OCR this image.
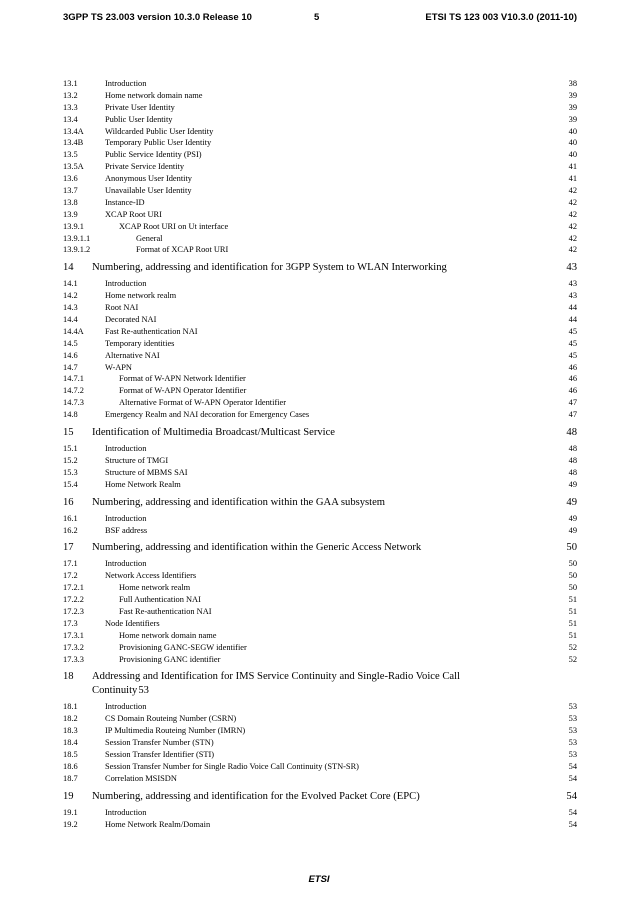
3GPP TS 23.003 version 10.3.0 Release 10	5	ETSI TS 123 003 V10.3.0 (2011-10)
13.1	Introduction	38
13.2	Home network domain name	39
13.3	Private User Identity	39
13.4	Public User Identity	39
13.4A	Wildcarded Public User Identity	40
13.4B	Temporary Public User Identity	40
13.5	Public Service Identity (PSI)	40
13.5A	Private Service Identity	41
13.6	Anonymous User Identity	41
13.7	Unavailable User Identity	42
13.8	Instance-ID	42
13.9	XCAP Root URI	42
13.9.1	XCAP Root URI on Ut interface	42
13.9.1.1	General	42
13.9.1.2	Format of XCAP Root URI	42
14	Numbering, addressing and identification for 3GPP System to WLAN Interworking	43
14.1	Introduction	43
14.2	Home network realm	43
14.3	Root NAI	44
14.4	Decorated NAI	44
14.4A	Fast Re-authentication NAI	45
14.5	Temporary identities	45
14.6	Alternative NAI	45
14.7	W-APN	46
14.7.1	Format of W-APN Network Identifier	46
14.7.2	Format of W-APN Operator Identifier	46
14.7.3	Alternative Format of W-APN Operator Identifier	47
14.8	Emergency Realm and NAI decoration for Emergency Cases	47
15	Identification of Multimedia Broadcast/Multicast Service	48
15.1	Introduction	48
15.2	Structure of TMGI	48
15.3	Structure of MBMS SAI	48
15.4	Home Network Realm	49
16	Numbering, addressing and identification within the GAA subsystem	49
16.1	Introduction	49
16.2	BSF address	49
17	Numbering, addressing and identification within the Generic Access Network	50
17.1	Introduction	50
17.2	Network Access Identifiers	50
17.2.1	Home network realm	50
17.2.2	Full Authentication NAI	51
17.2.3	Fast Re-authentication NAI	51
17.3	Node Identifiers	51
17.3.1	Home network domain name	51
17.3.2	Provisioning GANC-SEGW identifier	52
17.3.3	Provisioning GANC identifier	52
18	Addressing and Identification for IMS Service Continuity and Single-Radio Voice Call
Continuity 53
18.1	Introduction	53
18.2	CS Domain Routeing Number (CSRN)	53
18.3	IP Multimedia Routeing Number (IMRN)	53
18.4	Session Transfer Number (STN)	53
18.5	Session Transfer Identifier (STI)	53
18.6	Session Transfer Number for Single Radio Voice Call Continuity (STN-SR)	54
18.7	Correlation MSISDN	54
19	Numbering, addressing and identification for the Evolved Packet Core (EPC)	54
19.1	Introduction	54
19.2	Home Network Realm/Domain	54
ETSI
